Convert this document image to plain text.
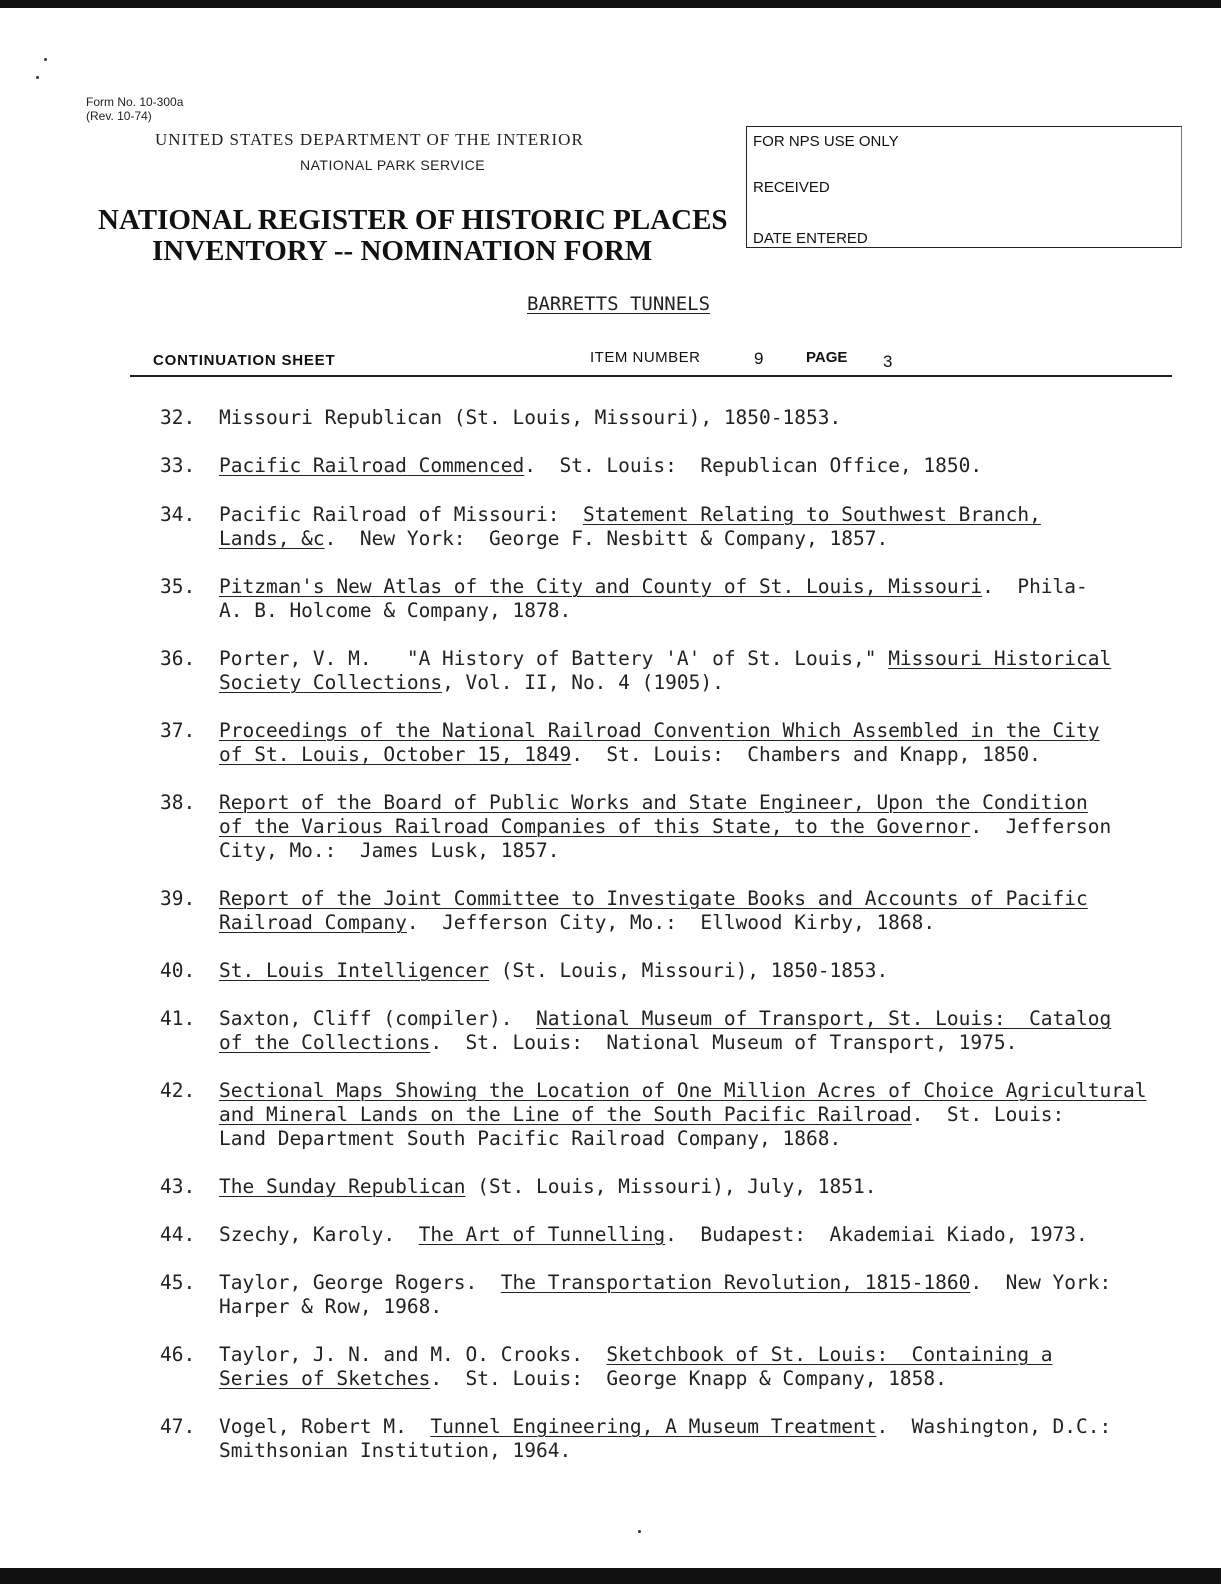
Form No. 10-300a
(Rev. 10-74)
UNITED STATES DEPARTMENT OF THE INTERIOR
NATIONAL PARK SERVICE
NATIONAL REGISTER OF HISTORIC PLACES
INVENTORY -- NOMINATION FORM
FOR NPS USE ONLY
RECEIVED
DATE ENTERED
BARRETTS TUNNELS
CONTINUATION SHEET	ITEM NUMBER	9	PAGE 3
32.	Missouri Republican (St. Louis, Missouri), 1850-1853.
33.	Pacific Railroad Commenced.  St. Louis:  Republican Office, 1850.
34.	Pacific Railroad of Missouri:  Statement Relating to Southwest Branch,
Lands, &c.  New York:  George F. Nesbitt & Company, 1857.
35.	Pitzman's New Atlas of the City and County of St. Louis, Missouri.  Phila-
A. B. Holcome & Company, 1878.
36.	Porter, V. M.   "A History of Battery 'A' of St. Louis," Missouri Historical
Society Collections, Vol. II, No. 4 (1905).
37.	Proceedings of the National Railroad Convention Which Assembled in the City
of St. Louis, October 15, 1849.  St. Louis:  Chambers and Knapp, 1850.
38.	Report of the Board of Public Works and State Engineer, Upon the Condition
of the Various Railroad Companies of this State, to the Governor.  Jefferson
City, Mo.:  James Lusk, 1857.
39.	Report of the Joint Committee to Investigate Books and Accounts of Pacific
Railroad Company.  Jefferson City, Mo.:  Ellwood Kirby, 1868.
40.	St. Louis Intelligencer (St. Louis, Missouri), 1850-1853.
41.	Saxton, Cliff (compiler).  National Museum of Transport, St. Louis:  Catalog
of the Collections.  St. Louis:  National Museum of Transport, 1975.
42.	Sectional Maps Showing the Location of One Million Acres of Choice Agricultural
and Mineral Lands on the Line of the South Pacific Railroad.  St. Louis:
Land Department South Pacific Railroad Company, 1868.
43.	The Sunday Republican (St. Louis, Missouri), July, 1851.
44.	Szechy, Karoly.  The Art of Tunnelling.  Budapest:  Akademiai Kiado, 1973.
45.	Taylor, George Rogers.  The Transportation Revolution, 1815-1860.  New York:
Harper & Row, 1968.
46.	Taylor, J. N. and M. O. Crooks.  Sketchbook of St. Louis:  Containing a
Series of Sketches.  St. Louis:  George Knapp & Company, 1858.
47.	Vogel, Robert M.  Tunnel Engineering, A Museum Treatment.  Washington, D.C.:
Smithsonian Institution, 1964.
